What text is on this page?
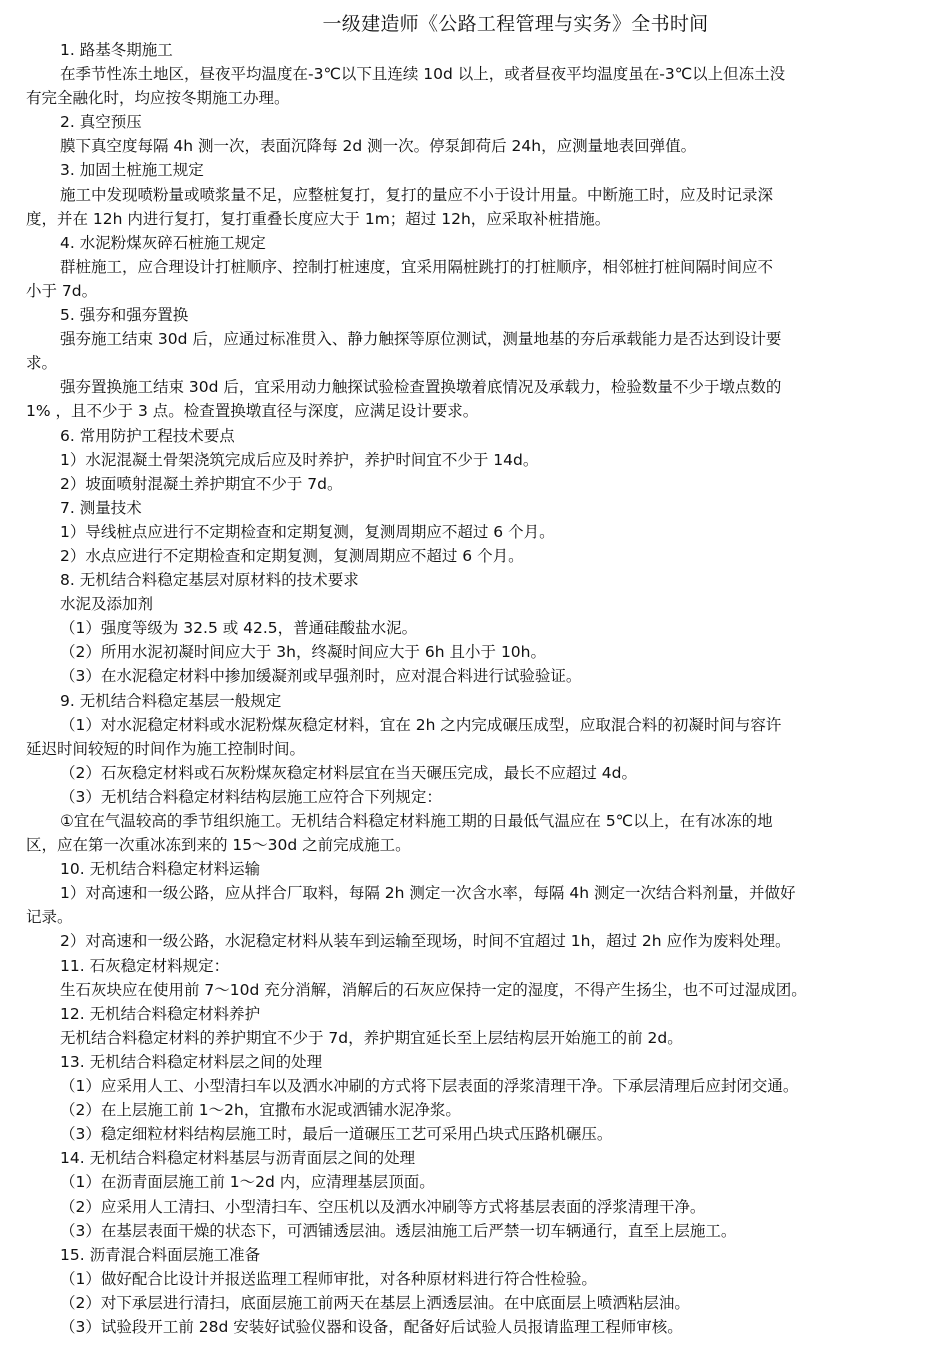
一级建造师《公路工程管理与实务》全书时间
1. 路基冬期施工
在季节性冻土地区，昼夜平均温度在-3℃以下且连续 10d 以上，或者昼夜平均温度虽在-3℃以上但冻土没
有完全融化时，均应按冬期施工办理。
2. 真空预压
膜下真空度每隔 4h 测一次，表面沉降每 2d 测一次。停泵卸荷后 24h，应测量地表回弹值。
3. 加固土桩施工规定
施工中发现喷粉量或喷浆量不足，应整桩复打，复打的量应不小于设计用量。中断施工时，应及时记录深
度，并在 12h 内进行复打，复打重叠长度应大于 1m；超过 12h，应采取补桩措施。
4. 水泥粉煤灰碎石桩施工规定
群桩施工，应合理设计打桩顺序、控制打桩速度，宜采用隔桩跳打的打桩顺序，相邻桩打桩间隔时间应不
小于 7d。
5. 强夯和强夯置换
强夯施工结束 30d 后，应通过标准贯入、静力触探等原位测试，测量地基的夯后承载能力是否达到设计要
求。
强夯置换施工结束 30d 后，宜采用动力触探试验检查置换墩着底情况及承载力，检验数量不少于墩点数的
1% ，且不少于 3 点。检查置换墩直径与深度，应满足设计要求。
6. 常用防护工程技术要点
1）水泥混凝土骨架浇筑完成后应及时养护，养护时间宜不少于 14d。
2）坡面喷射混凝土养护期宜不少于 7d。
7. 测量技术
1）导线桩点应进行不定期检查和定期复测，复测周期应不超过 6 个月。
2）水点应进行不定期检查和定期复测，复测周期应不超过 6 个月。
8. 无机结合料稳定基层对原材料的技术要求
水泥及添加剂
（1）强度等级为 32.5 或 42.5，普通硅酸盐水泥。
（2）所用水泥初凝时间应大于 3h，终凝时间应大于 6h 且小于 10h。
（3）在水泥稳定材料中掺加缓凝剂或早强剂时，应对混合料进行试验验证。
9. 无机结合料稳定基层一般规定
（1）对水泥稳定材料或水泥粉煤灰稳定材料，宜在 2h 之内完成碾压成型，应取混合料的初凝时间与容许
延迟时间较短的时间作为施工控制时间。
（2）石灰稳定材料或石灰粉煤灰稳定材料层宜在当天碾压完成，最长不应超过 4d。
（3）无机结合料稳定材料结构层施工应符合下列规定：
①宜在气温较高的季节组织施工。无机结合料稳定材料施工期的日最低气温应在 5℃以上，在有冰冻的地
区，应在第一次重冰冻到来的 15～30d 之前完成施工。
10. 无机结合料稳定材料运输
1）对高速和一级公路，应从拌合厂取料，每隔 2h 测定一次含水率，每隔 4h 测定一次结合料剂量，并做好
记录。
2）对高速和一级公路，水泥稳定材料从装车到运输至现场，时间不宜超过 1h，超过 2h 应作为废料处理。
11. 石灰稳定材料规定：
生石灰块应在使用前 7～10d 充分消解，消解后的石灰应保持一定的湿度，不得产生扬尘，也不可过湿成团。
12. 无机结合料稳定材料养护
无机结合料稳定材料的养护期宜不少于 7d，养护期宜延长至上层结构层开始施工的前 2d。
13. 无机结合料稳定材料层之间的处理
（1）应采用人工、小型清扫车以及洒水冲刷的方式将下层表面的浮浆清理干净。下承层清理后应封闭交通。
（2）在上层施工前 1～2h，宜撒布水泥或洒铺水泥净浆。
（3）稳定细粒材料结构层施工时，最后一道碾压工艺可采用凸块式压路机碾压。
14. 无机结合料稳定材料基层与沥青面层之间的处理
（1）在沥青面层施工前 1～2d 内，应清理基层顶面。
（2）应采用人工清扫、小型清扫车、空压机以及洒水冲刷等方式将基层表面的浮浆清理干净。
（3）在基层表面干燥的状态下，可洒铺透层油。透层油施工后严禁一切车辆通行，直至上层施工。
15. 沥青混合料面层施工准备
（1）做好配合比设计并报送监理工程师审批，对各种原材料进行符合性检验。
（2）对下承层进行清扫，底面层施工前两天在基层上洒透层油。在中底面层上喷洒粘层油。
（3）试验段开工前 28d 安装好试验仪器和设备，配备好后试验人员报请监理工程师审核。
